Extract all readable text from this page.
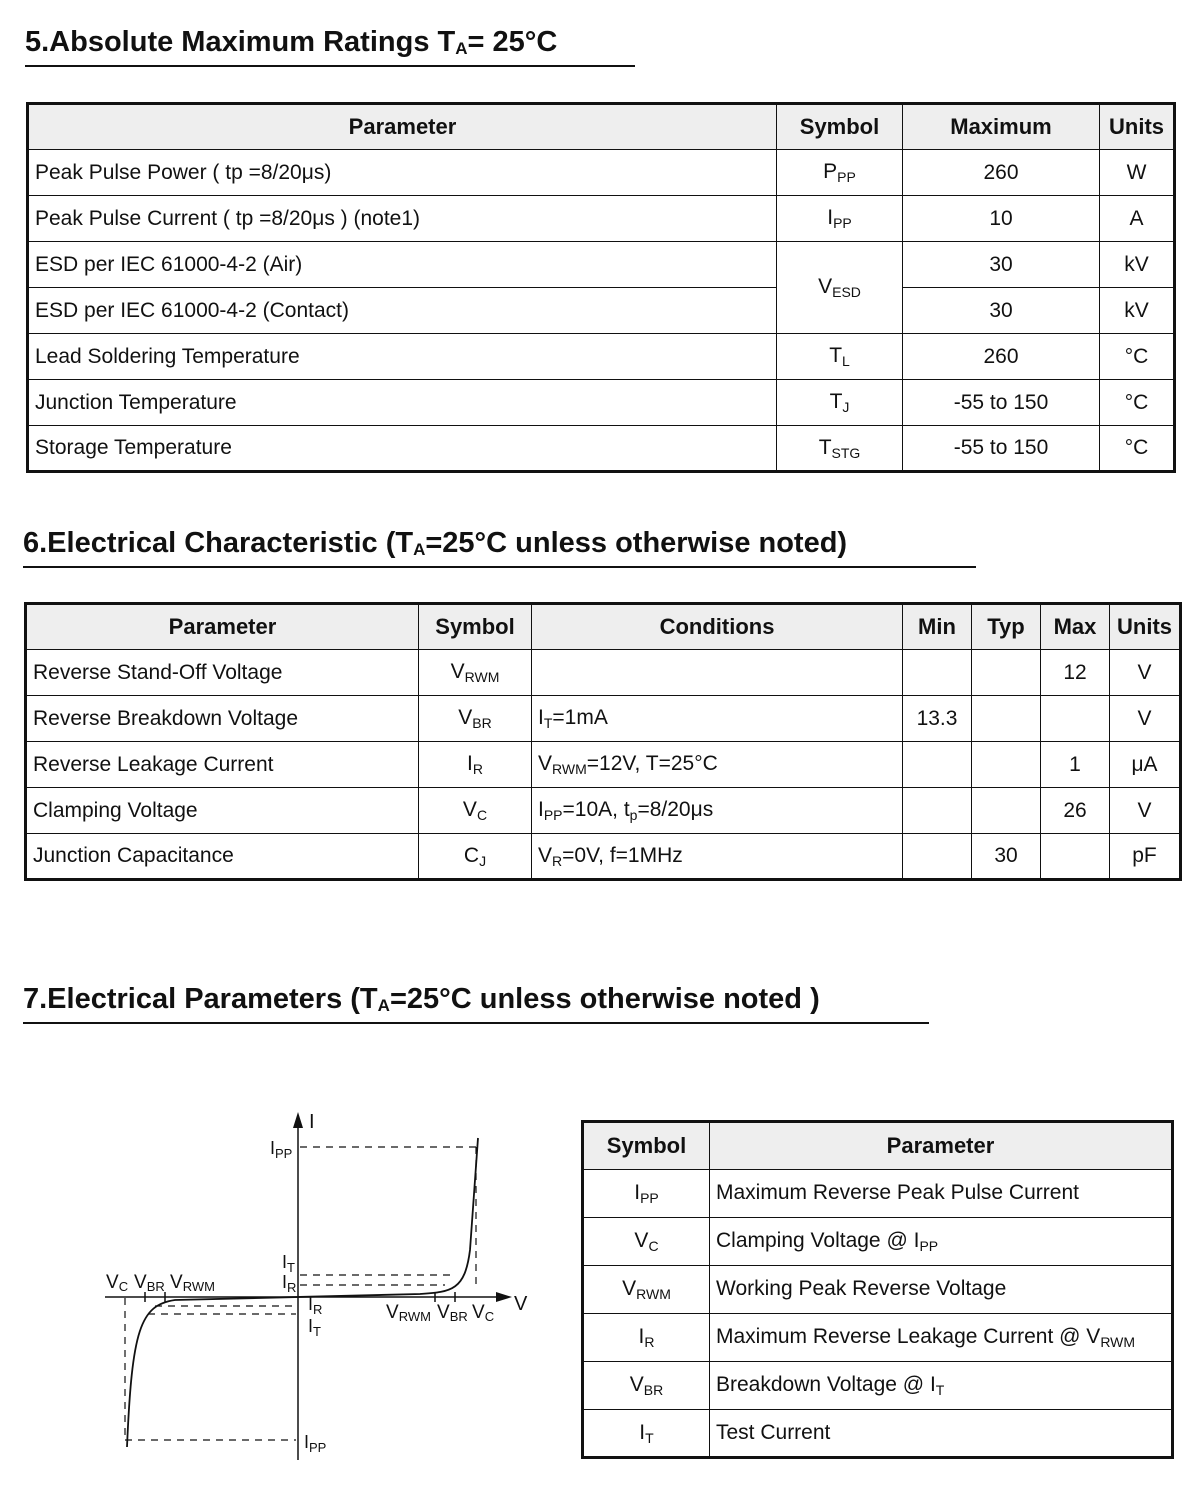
5.Absolute Maximum Ratings $T_A= 25^\circ C$
Parameter	Symbol	Maximum	Units
Peak Pulse Power ( tp =8/20μs)	$P_{PP}$	260	W
Peak Pulse Current ( tp =8/20μs ) (note1)	$I_{PP}$	10	A
ESD per IEC 61000-4-2 (Air)	$V_{ESD}$	30	kV
ESD per IEC 61000-4-2 (Contact)		30	kV
Lead Soldering Temperature	$T_L$	260	°C
Junction Temperature	$T_J$	-55 to 150	°C
Storage Temperature	$T_{STG}$	-55 to 150	°C
6.Electrical Characteristic ($T_A=25^\circ C$ unless otherwise noted)
Parameter	Symbol	Conditions	Min	Typ	Max	Units
Reverse Stand-Off Voltage	$V_{RWM}$				12	V
Reverse Breakdown Voltage	$V_{BR}$	$I_T=1mA$	13.3			V
Reverse Leakage Current	$I_R$	$V_{RWM}=12V$, T=25°C			1	μA
Clamping Voltage	$V_C$	$I_{PP}=10A$, $t_p=8/20\mu s$			26	V
Junction Capacitance	$C_J$	$V_R=0V$, f=1MHz		30		pF
7.Electrical Parameters ($T_A=25^\circ C$ unless otherwise noted )
I
V
$I_{PP}$
$I_T$
$I_R$
$I_R$
$I_T$
$I_{PP}$
VC VBR VRWM
VRWM VBR VC
Symbol	Parameter
$I_{PP}$	Maximum Reverse Peak Pulse Current
$V_C$	Clamping Voltage @ $I_{PP}$
$V_{RWM}$	Working Peak Reverse Voltage
$I_R$	Maximum Reverse Leakage Current @ $V_{RWM}$
$V_{BR}$	Breakdown Voltage @ $I_T$
$I_T$	Test Current
